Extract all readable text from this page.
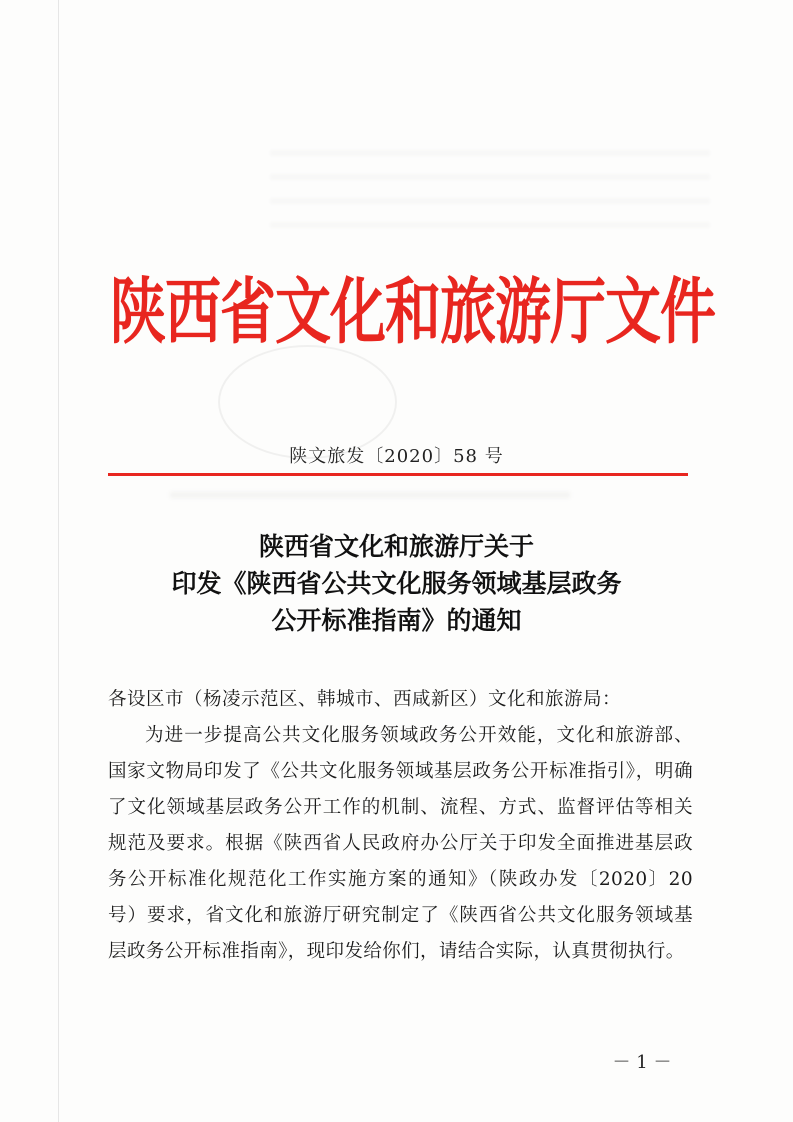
陕西省文化和旅游厅文件
陕文旅发〔2020〕58 号
陕西省文化和旅游厅关于
印发《陕西省公共文化服务领域基层政务
公开标准指南》的通知
各设区市（杨凌示范区、韩城市、西咸新区）文化和旅游局：

为进一步提高公共文化服务领域政务公开效能，文化和旅游部、国家文物局印发了《公共文化服务领域基层政务公开标准指引》，明确了文化领域基层政务公开工作的机制、流程、方式、监督评估等相关规范及要求。根据《陕西省人民政府办公厅关于印发全面推进基层政务公开标准化规范化工作实施方案的通知》（陕政办发〔2020〕20 号）要求，省文化和旅游厅研究制定了《陕西省公共文化服务领域基层政务公开标准指南》，现印发给你们，请结合实际，认真贯彻执行。

－ 1 －
